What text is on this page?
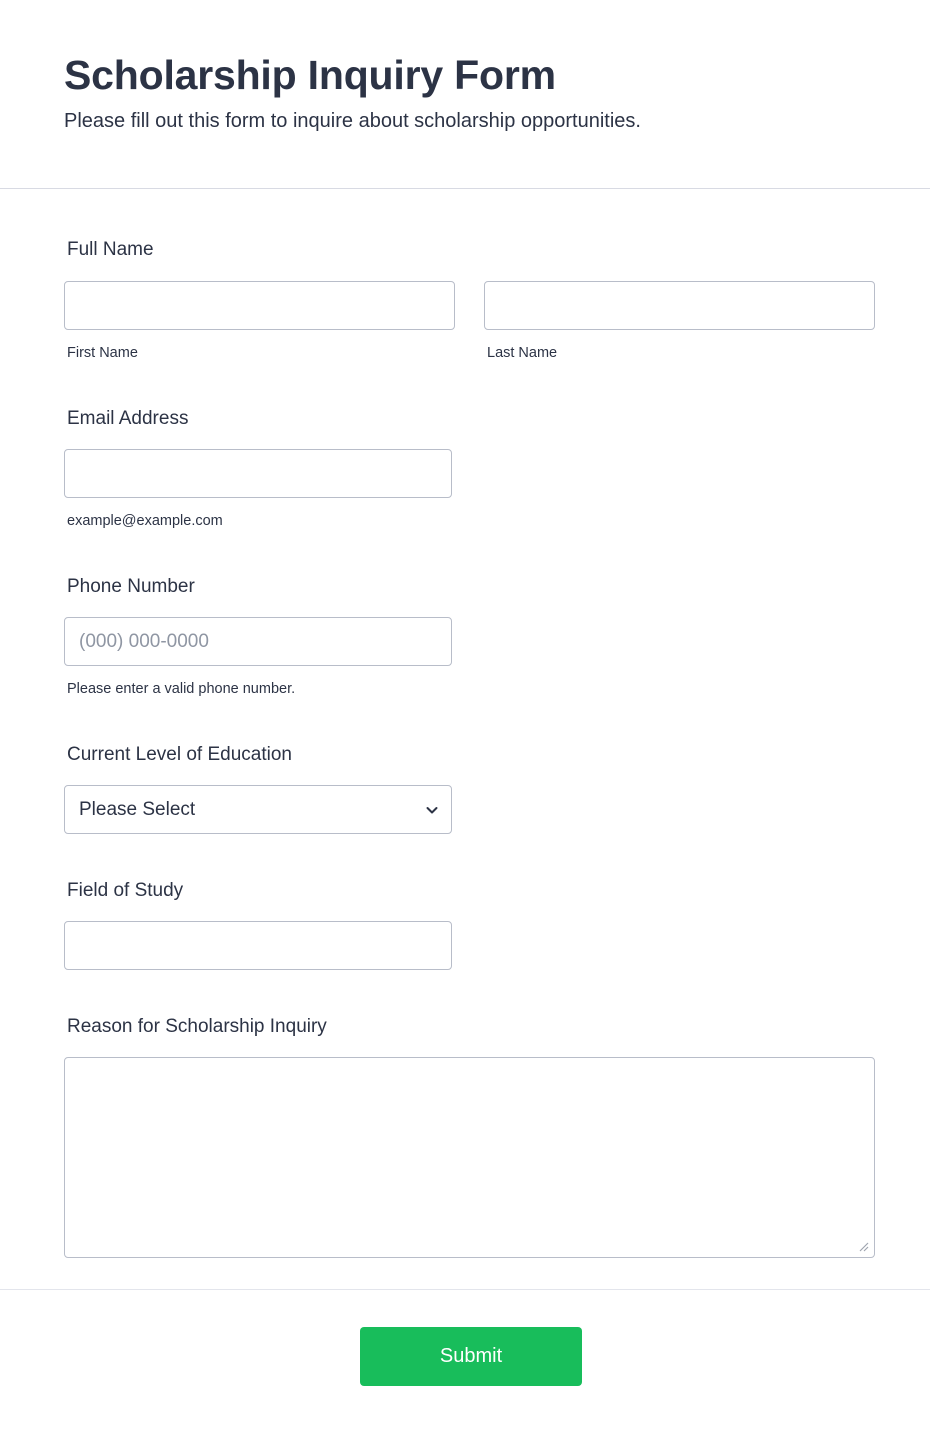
Scholarship Inquiry Form

Please fill out this form to inquire about scholarship opportunities.

Full Name
First Name	Last Name
Email Address
example@example.com
Phone Number
(000) 000-0000
Please enter a valid phone number.
Current Level of Education
Please Select
Field of Study
Reason for Scholarship Inquiry
Submit
